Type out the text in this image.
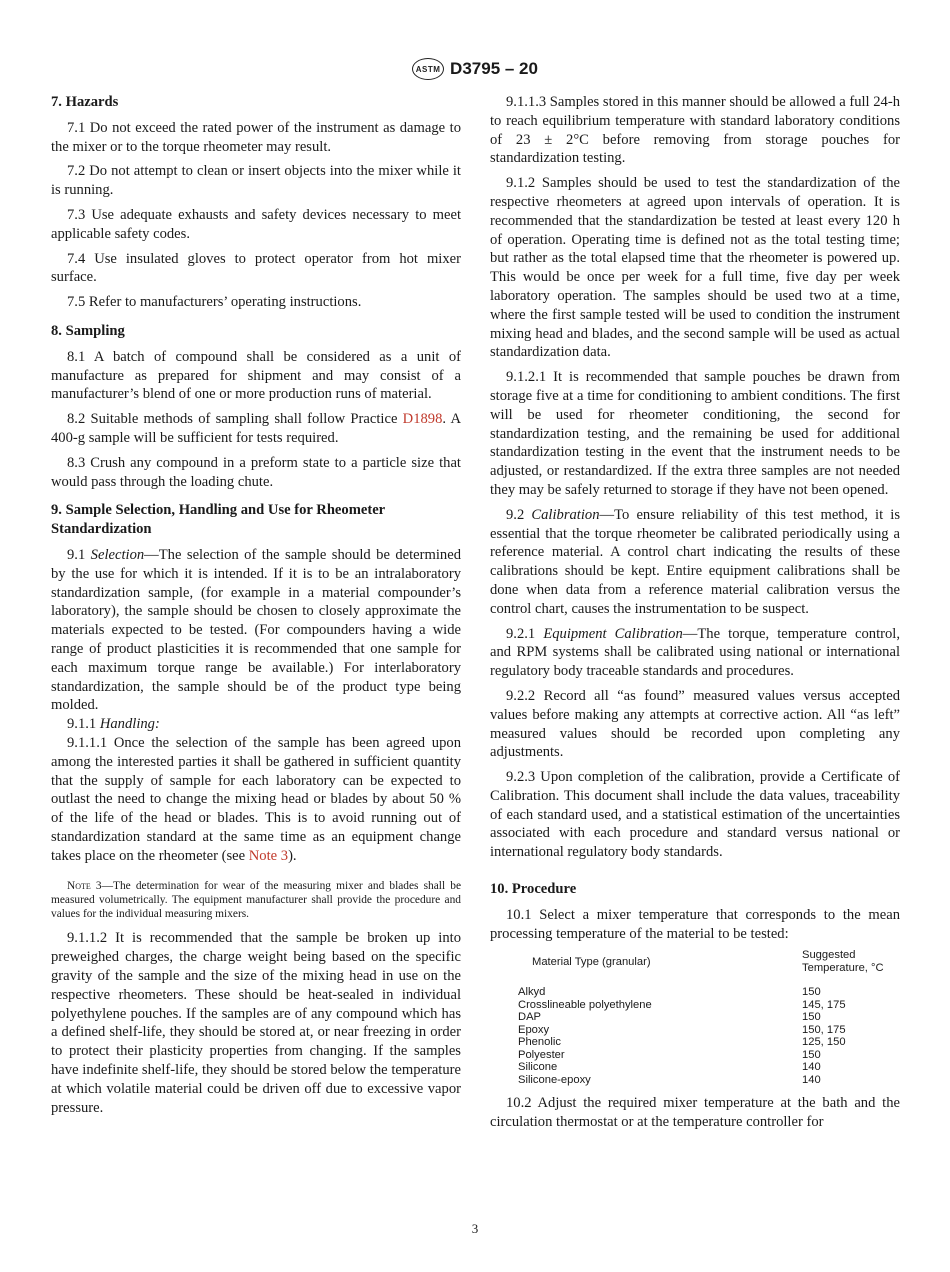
ASTM D3795 – 20
7. Hazards

7.1 Do not exceed the rated power of the instrument as damage to the mixer or to the torque rheometer may result.

7.2 Do not attempt to clean or insert objects into the mixer while it is running.

7.3 Use adequate exhausts and safety devices necessary to meet applicable safety codes.

7.4 Use insulated gloves to protect operator from hot mixer surface.

7.5 Refer to manufacturers’ operating instructions.

8. Sampling

8.1 A batch of compound shall be considered as a unit of manufacture as prepared for shipment and may consist of a manufacturer’s blend of one or more production runs of material.

8.2 Suitable methods of sampling shall follow Practice D1898. A 400-g sample will be sufficient for tests required.

8.3 Crush any compound in a preform state to a particle size that would pass through the loading chute.

9. Sample Selection, Handling and Use for Rheometer Standardization

9.1 Selection—The selection of the sample should be determined by the use for which it is intended. If it is to be an intralaboratory standardization sample, (for example in a material compounder’s laboratory), the sample should be chosen to closely approximate the materials expected to be tested. (For compounders having a wide range of product plasticities it is recommended that one sample for each maximum torque range be available.) For interlaboratory standardization, the sample should be of the product type being molded.

9.1.1 Handling:

9.1.1.1 Once the selection of the sample has been agreed upon among the interested parties it shall be gathered in sufficient quantity that the supply of sample for each laboratory can be expected to outlast the need to change the mixing head or blades by about 50 % of the life of the head or blades. This is to avoid running out of standardization standard at the same time as an equipment change takes place on the rheometer (see Note 3).

Note 3—The determination for wear of the measuring mixer and blades shall be measured volumetrically. The equipment manufacturer shall provide the procedure and values for the individual measuring mixers.

9.1.1.2 It is recommended that the sample be broken up into preweighed charges, the charge weight being based on the specific gravity of the sample and the size of the mixing head in use on the respective rheometers. These should be heat-sealed in individual polyethylene pouches. If the samples are of any compound which has a defined shelf-life, they should be stored at, or near freezing in order to protect their plasticity properties from changing. If the samples have indefinite shelf-life, they should be stored below the temperature at which volatile material could be driven off due to excessive vapor pressure.

9.1.1.3 Samples stored in this manner should be allowed a full 24-h to reach equilibrium temperature with standard laboratory conditions of 23 ± 2°C before removing from storage pouches for standardization testing.

9.1.2 Samples should be used to test the standardization of the respective rheometers at agreed upon intervals of operation. It is recommended that the standardization be tested at least every 120 h of operation. Operating time is defined not as the total testing time; but rather as the total elapsed time that the rheometer is powered up. This would be once per week for a full time, five day per week laboratory operation. The samples should be used two at a time, where the first sample tested will be used to condition the instrument mixing head and blades, and the second sample will be used as actual standardization data.

9.1.2.1 It is recommended that sample pouches be drawn from storage five at a time for conditioning to ambient conditions. The first will be used for rheometer conditioning, the second for standardization testing, and the remaining be used for additional standardization testing in the event that the instrument needs to be adjusted, or restandardized. If the extra three samples are not needed they may be safely returned to storage if they have not been opened.

9.2 Calibration—To ensure reliability of this test method, it is essential that the torque rheometer be calibrated periodically using a reference material. A control chart indicating the results of these calibrations should be kept. Entire equipment calibrations shall be done when data from a reference material calibration versus the control chart, causes the instrumentation to be suspect.

9.2.1 Equipment Calibration—The torque, temperature control, and RPM systems shall be calibrated using national or international regulatory body traceable standards and procedures.

9.2.2 Record all “as found” measured values versus accepted values before making any attempts at corrective action. All “as left” measured values should be recorded upon completing any adjustments.

9.2.3 Upon completion of the calibration, provide a Certificate of Calibration. This document shall include the data values, traceability of each standard used, and a statistical estimation of the uncertainties associated with each procedure and standard versus national or international regulatory body standards.

10. Procedure

10.1 Select a mixer temperature that corresponds to the mean processing temperature of the material to be tested:

Material Type (granular)	Suggested Temperature, °C
Alkyd	150
Crosslineable polyethylene	145, 175
DAP	150
Epoxy	150, 175
Phenolic	125, 150
Polyester	150
Silicone	140
Silicone-epoxy	140

10.2 Adjust the required mixer temperature at the bath and the circulation thermostat or at the temperature controller for

3
